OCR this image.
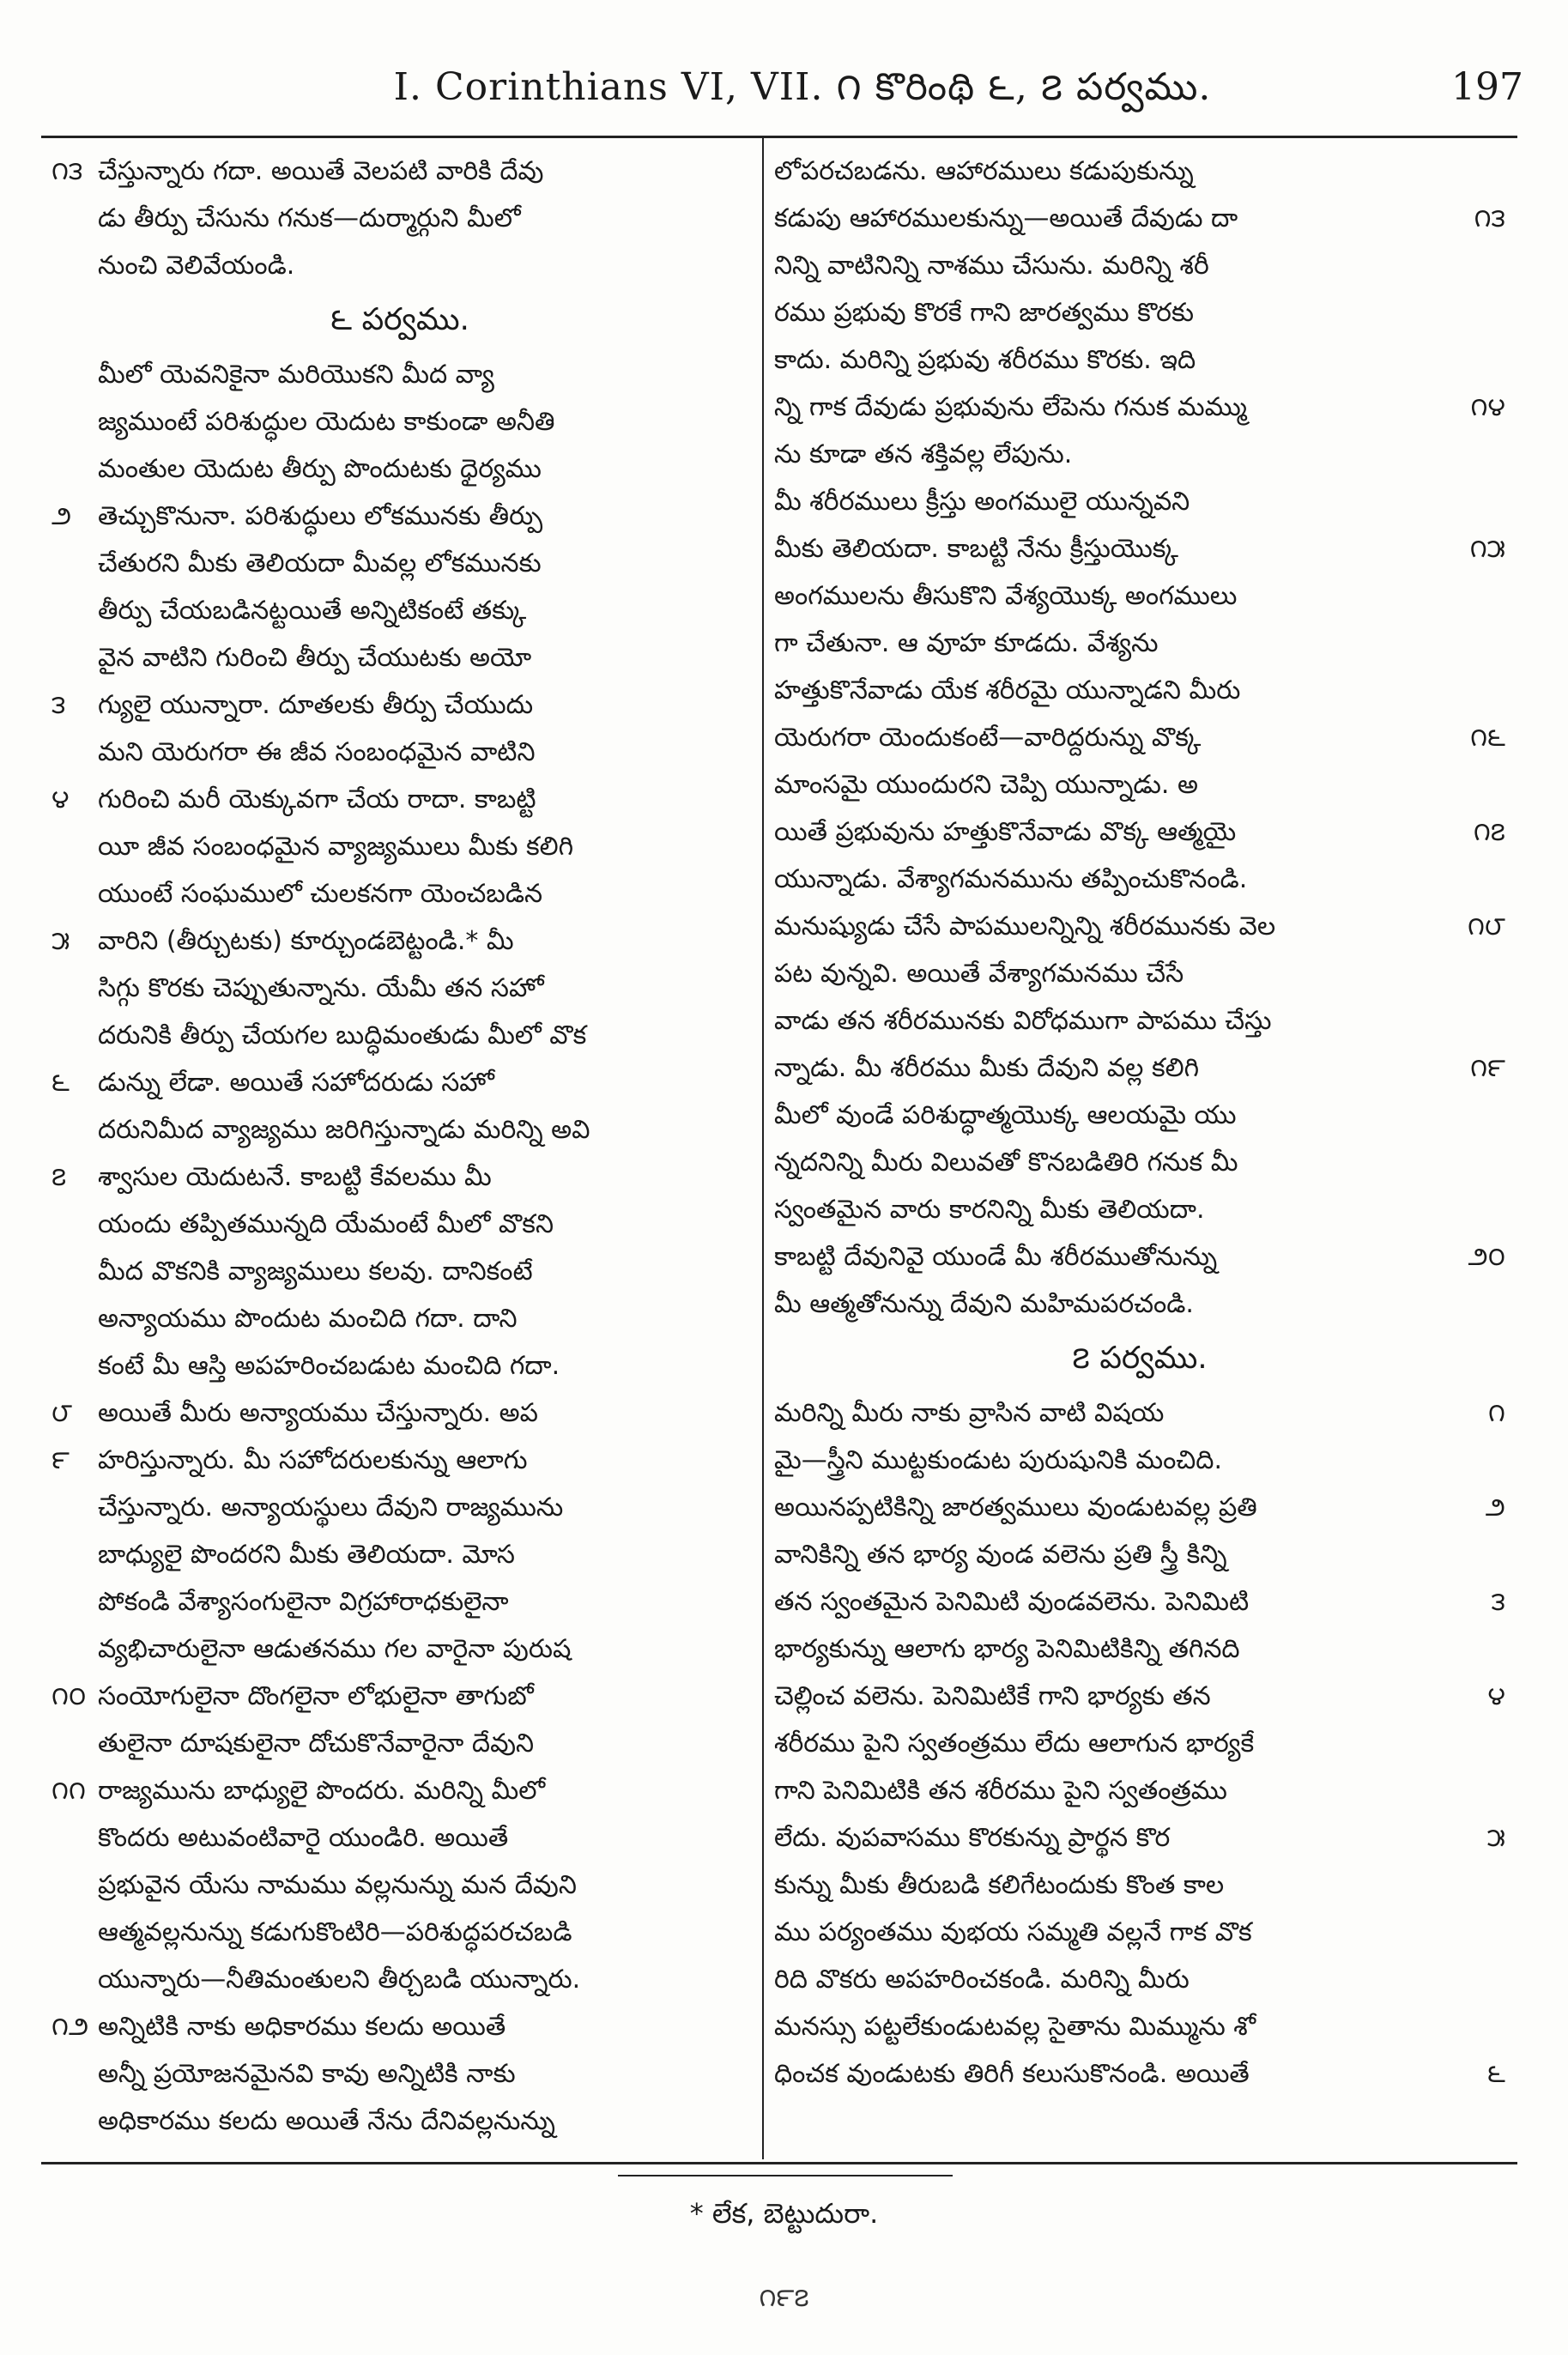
I. Corinthians VI, VII. ౧ కొరింథి ౬, ౭ పర్వము.	197
౧౩ చేస్తున్నారు గదా. అయితే వెలపటి వారికి దేవు
డు తీర్పు చేసును గనుక—దుర్మార్గుని మీలో
నుంచి వెలివేయండి.
౬ పర్వము.
మీలో యెవనికైనా మరియొకని మీద వ్యా
జ్యముంటే పరిశుద్ధుల యెదుట కాకుండా అనీతి
మంతుల యెదుట తీర్పు పొందుటకు ధైర్యము
౨ తెచ్చుకొనునా. పరిశుద్ధులు లోకమునకు తీర్పు
చేతురని మీకు తెలియదా మీవల్ల లోకమునకు
తీర్పు చేయబడినట్టయితే అన్నిటికంటే తక్కు
వైన వాటిని గురించి తీర్పు చేయుటకు అయో
౩ గ్యులై యున్నారా. దూతలకు తీర్పు చేయుదు
మని యెరుగరా ఈ జీవ సంబంధమైన వాటిని
౪ గురించి మరీ యెక్కువగా చేయ రాదా. కాబట్టి
యీ జీవ సంబంధమైన వ్యాజ్యములు మీకు కలిగి
యుంటే సంఘములో చులకనగా యెంచబడిన
౫ వారిని (తీర్చుటకు) కూర్చుండబెట్టండి.* మీ
సిగ్గు కొరకు చెప్పుతున్నాను. యేమీ తన సహో
దరునికి తీర్పు చేయగల బుద్ధిమంతుడు మీలో వొక
౬ డున్ను లేడా. అయితే సహోదరుడు సహో
దరునిమీద వ్యాజ్యము జరిగిస్తున్నాడు మరిన్ని అవి
౭ శ్వాసుల యెదుటనే. కాబట్టి కేవలము మీ
యందు తప్పితమున్నది యేమంటే మీలో వొకని
మీద వొకనికి వ్యాజ్యములు కలవు. దానికంటే
అన్యాయము పొందుట మంచిది గదా. దాని
కంటే మీ ఆస్తి అపహరించబడుట మంచిది గదా.
౮ అయితే మీరు అన్యాయము చేస్తున్నారు. అప
౯ హరిస్తున్నారు. మీ సహోదరులకున్ను ఆలాగు
చేస్తున్నారు. అన్యాయస్థులు దేవుని రాజ్యమును
బాధ్యులై పొందరని మీకు తెలియదా. మోస
పోకండి వేశ్యాసంగులైనా విగ్రహారాధకులైనా
వ్యభిచారులైనా ఆడుతనము గల వారైనా పురుష
౧౦ సంయోగులైనా దొంగలైనా లోభులైనా తాగుబో
తులైనా దూషకులైనా దోచుకొనేవారైనా దేవుని
౧౧ రాజ్యమును బాధ్యులై పొందరు. మరిన్ని మీలో
కొందరు అటువంటివారై యుండిరి. అయితే
ప్రభువైన యేసు నామము వల్లనున్ను మన దేవుని
ఆత్మవల్లనున్ను కడుగుకొంటిరి—పరిశుద్ధపరచబడి
యున్నారు—నీతిమంతులని తీర్చబడి యున్నారు.
౧౨ అన్నిటికి నాకు అధికారము కలదు అయితే
అన్నీ ప్రయోజనమైనవి కావు అన్నిటికి నాకు
అధికారము కలదు అయితే నేను దేనివల్లనున్ను
లోపరచబడను. ఆహారములు కడుపుకున్ను
౧౩
కడుపు ఆహారములకున్ను—అయితే దేవుడు దా
నిన్ని వాటినిన్ని నాశము చేసును. మరిన్ని శరీ
రము ప్రభువు కొరకే గాని జారత్వము కొరకు
కాదు. మరిన్ని ప్రభువు శరీరము కొరకు. ఇది
౧౪
న్ని గాక దేవుడు ప్రభువును లేపెను గనుక మమ్ము
ను కూడా తన శక్తివల్ల లేపును.
మీ శరీరములు క్రీస్తు అంగములై యున్నవని
౧౫
మీకు తెలియదా. కాబట్టి నేను క్రీస్తుయొక్క
అంగములను తీసుకొని వేశ్యయొక్క అంగములు
గా చేతునా. ఆ వూహ కూడదు. వేశ్యను
హత్తుకొనేవాడు యేక శరీరమై యున్నాడని మీరు
౧౬
యెరుగరా యెందుకంటే—వారిద్దరున్ను వొక్క
మాంసమై యుందురని చెప్పి యున్నాడు. అ
౧౭
యితే ప్రభువును హత్తుకొనేవాడు వొక్క ఆత్మయై
యున్నాడు. వేశ్యాగమనమును తప్పించుకొనండి.
౧౮
మనుష్యుడు చేసే పాపములన్నిన్ని శరీరమునకు వెల
పట వున్నవి. అయితే వేశ్యాగమనము చేసే
వాడు తన శరీరమునకు విరోధముగా పాపము చేస్తు
౧౯
న్నాడు. మీ శరీరము మీకు దేవుని వల్ల కలిగి
మీలో వుండే పరిశుద్ధాత్మయొక్క ఆలయమై యు
న్నదనిన్ని మీరు విలువతో కొనబడితిరి గనుక మీ
స్వంతమైన వారు కారనిన్ని మీకు తెలియదా.
౨౦
కాబట్టి దేవునివై యుండే మీ శరీరముతోనున్ను
మీ ఆత్మతోనున్ను దేవుని మహిమపరచండి.
౭ పర్వము.
౧
మరిన్ని మీరు నాకు వ్రాసిన వాటి విషయ
మై—స్త్రీని ముట్టకుండుట పురుషునికి మంచిది.
౨
అయినప్పటికిన్ని జారత్వములు వుండుటవల్ల ప్రతి
వానికిన్ని తన భార్య వుండ వలెను ప్రతి స్త్రీ కిన్ని
౩
తన స్వంతమైన పెనిమిటి వుండవలెను. పెనిమిటి
భార్యకున్ను ఆలాగు భార్య పెనిమిటికిన్ని తగినది
౪
చెల్లించ వలెను. పెనిమిటికే గాని భార్యకు తన
శరీరము పైని స్వతంత్రము లేదు ఆలాగున భార్యకే
గాని పెనిమిటికి తన శరీరము పైని స్వతంత్రము
౫
లేదు. వుపవాసము కొరకున్ను ప్రార్థన కొర
కున్ను మీకు తీరుబడి కలిగేటందుకు కొంత కాల
ము పర్యంతము వుభయ సమ్మతి వల్లనే గాక వొక
రిది వొకరు అపహరించకండి. మరిన్ని మీరు
మనస్సు పట్టలేకుండుటవల్ల సైతాను మిమ్మును శో
౬
ధించక వుండుటకు తిరిగీ కలుసుకొనండి. అయితే
* లేక, బెట్టుదురా.
౧౯౭
